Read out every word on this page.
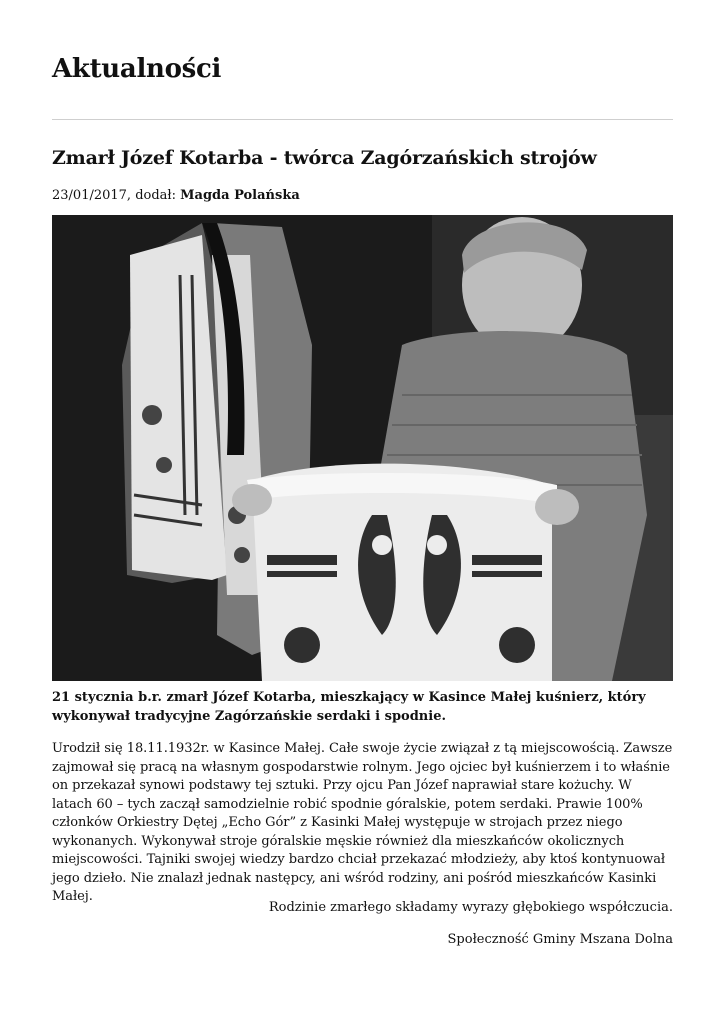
Aktualności
Zmarł Józef Kotarba - twórca Zagórzańskich strojów
23/01/2017, dodał: Magda Polańska
21 stycznia b.r. zmarł Józef Kotarba, mieszkający w Kasince Małej kuśnierz, który wykonywał tradycyjne Zagórzańskie serdaki i spodnie.
Urodził się 18.11.1932r. w Kasince Małej. Całe swoje życie związał z tą miejscowością. Zawsze zajmował się pracą na własnym gospodarstwie rolnym. Jego ojciec był kuśnierzem i to właśnie on przekazał synowi podstawy tej sztuki. Przy ojcu Pan Józef naprawiał stare kożuchy. W latach 60 – tych zaczął samodzielnie robić spodnie góralskie, potem serdaki. Prawie 100% członków Orkiestry Dętej „Echo Gór” z Kasinki Małej występuje w strojach przez niego wykonanych. Wykonywał stroje góralskie męskie również dla mieszkańców okolicznych miejscowości. Tajniki swojej wiedzy bardzo chciał przekazać młodzieży, aby ktoś kontynuował jego dzieło. Nie znalazł jednak następcy, ani wśród rodziny, ani pośród mieszkańców Kasinki Małej.
Rodzinie zmarłego składamy wyrazy głębokiego współczucia.
Społeczność Gminy Mszana Dolna
